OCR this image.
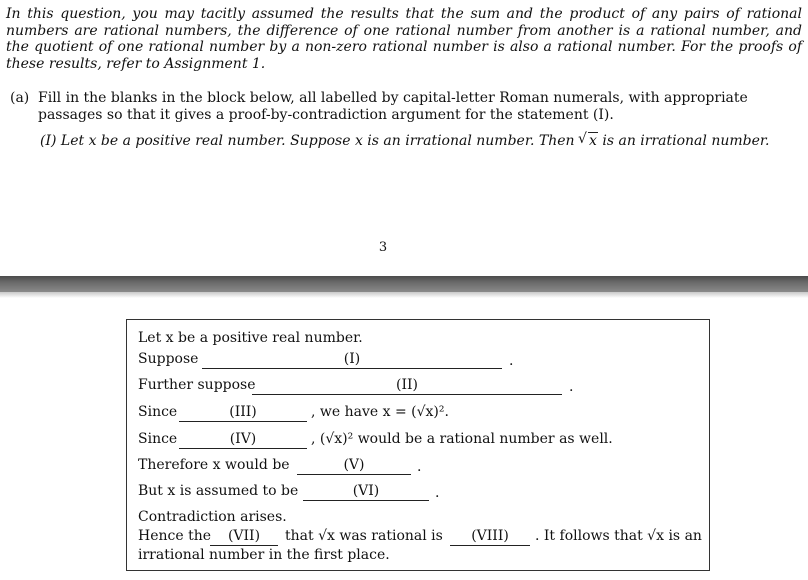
In this question, you may tacitly assumed the results that the sum and the product of any pairs of rational numbers are rational numbers, the difference of one rational number from another is a rational number, and the quotient of one rational number by a non-zero rational number is also a rational number. For the proofs of these results, refer to Assignment 1.
(a) Fill in the blanks in the block below, all labelled by capital-letter Roman numerals, with appropriate passages so that it gives a proof-by-contradiction argument for the statement (I).
(I) Let x be a positive real number. Suppose x is an irrational number. Then √ x is an irrational number.
3
Let x be a positive real number.
Suppose	(I)	.
Further suppose	(II)	.
Since	(III)	, we have x = (√x)².
Since	(IV)	, (√x)² would be a rational number as well.
Therefore x would be	(V)	.
But x is assumed to be	(VI)	.
Contradiction arises.
Hence the	(VII)	that √x was rational is	(VIII)	. It follows that √x is an
irrational number in the first place.
